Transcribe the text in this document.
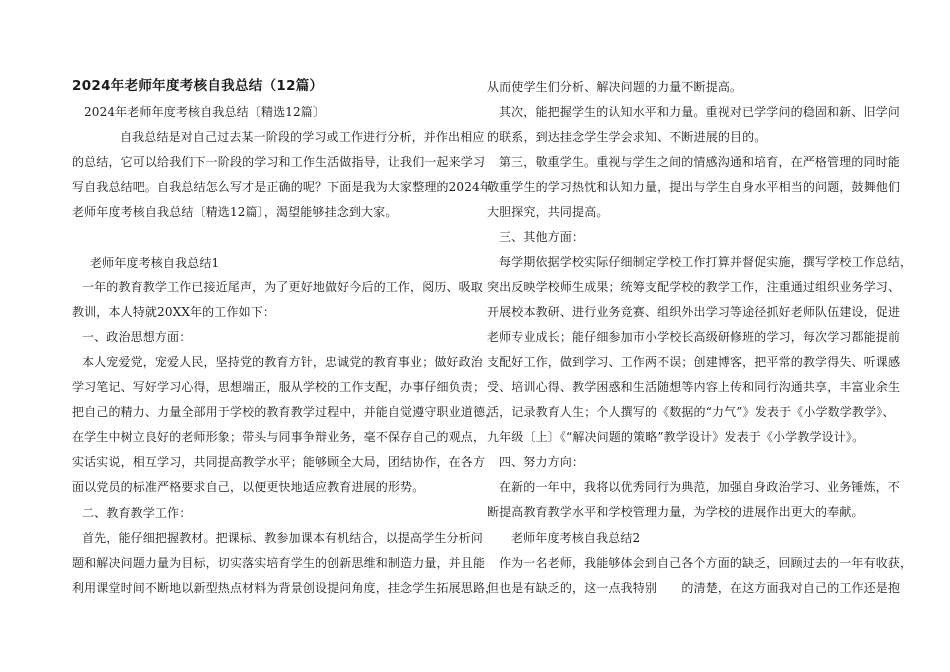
2024年老师年度考核自我总结（12篇）
2024年老师年度考核自我总结〔精选12篇〕
自我总结是对自己过去某一阶段的学习或工作进行分析，并作出相应
的总结，它可以给我们下一阶段的学习和工作生活做指导，让我们一起来学习
写自我总结吧。自我总结怎么写才是正确的呢？下面是我为大家整理的2024年
老师年度考核自我总结〔精选12篇〕，渴望能够挂念到大家。
老师年度考核自我总结1
一年的教育教学工作已接近尾声，为了更好地做好今后的工作，阅历、吸取
教训，本人特就20XX年的工作如下：
一、政治思想方面：
本人宠爱党，宠爱人民，坚持党的教育方针，忠诚党的教育事业；做好政治
学习笔记、写好学习心得，思想端正，服从学校的工作支配，办事仔细负责；
把自己的精力、力量全部用于学校的教育教学过程中，并能自觉遵守职业道德，
在学生中树立良好的老师形象；带头与同事争辩业务，毫不保存自己的观点，
实话实说，相互学习，共同提高教学水平；能够顾全大局，团结协作，在各方
面以党员的标准严格要求自己，以便更快地适应教育进展的形势。
二、教育教学工作：
首先，能仔细把握教材。把课标、教参加课本有机结合，以提高学生分析问
题和解决问题力量为目标，切实落实培育学生的创新思维和制造力量，并且能
利用课堂时间不断地以新型热点材料为背景创设提问角度，挂念学生拓展思路，
从而使学生们分析、解决问题的力量不断提高。
其次，能把握学生的认知水平和力量。重视对已学学问的稳固和新、旧学问
的联系，到达挂念学生学会求知、不断进展的目的。
第三，敬重学生。重视与学生之间的情感沟通和培育，在严格管理的同时能
敬重学生的学习热忱和认知力量，提出与学生自身水平相当的问题，鼓舞他们
大胆探究，共同提高。
三、其他方面：
每学期依据学校实际仔细制定学校工作打算并督促实施，撰写学校工作总结，
突出反映学校师生成果；统筹支配学校的教学工作，注重通过组织业务学习、
开展校本教研、进行业务竞赛、组织外出学习等途径抓好老师队伍建设，促进
老师专业成长；能仔细参加市小学校长高级研修班的学习，每次学习都能提前
支配好工作，做到学习、工作两不误；创建博客，把平常的教学得失、听课感
受、培训心得、教学困惑和生活随想等内容上传和同行沟通共享，丰富业余生
活，记录教育人生；个人撰写的《数据的“力气”》发表于《小学数学教学》、
九年级〔上〕《“解决问题的策略”教学设计》发表于《小学教学设计》。
四、努力方向：
在新的一年中，我将以优秀同行为典范，加强自身政治学习、业务锤炼，不
断提高教育教学水平和学校管理力量，为学校的进展作出更大的奉献。
老师年度考核自我总结2
作为一名老师，我能够体会到自己各个方面的缺乏，回顾过去的一年有收获，
但也是有缺乏的，这一点我特别　　的清楚，在这方面我对自己的工作还是抱
